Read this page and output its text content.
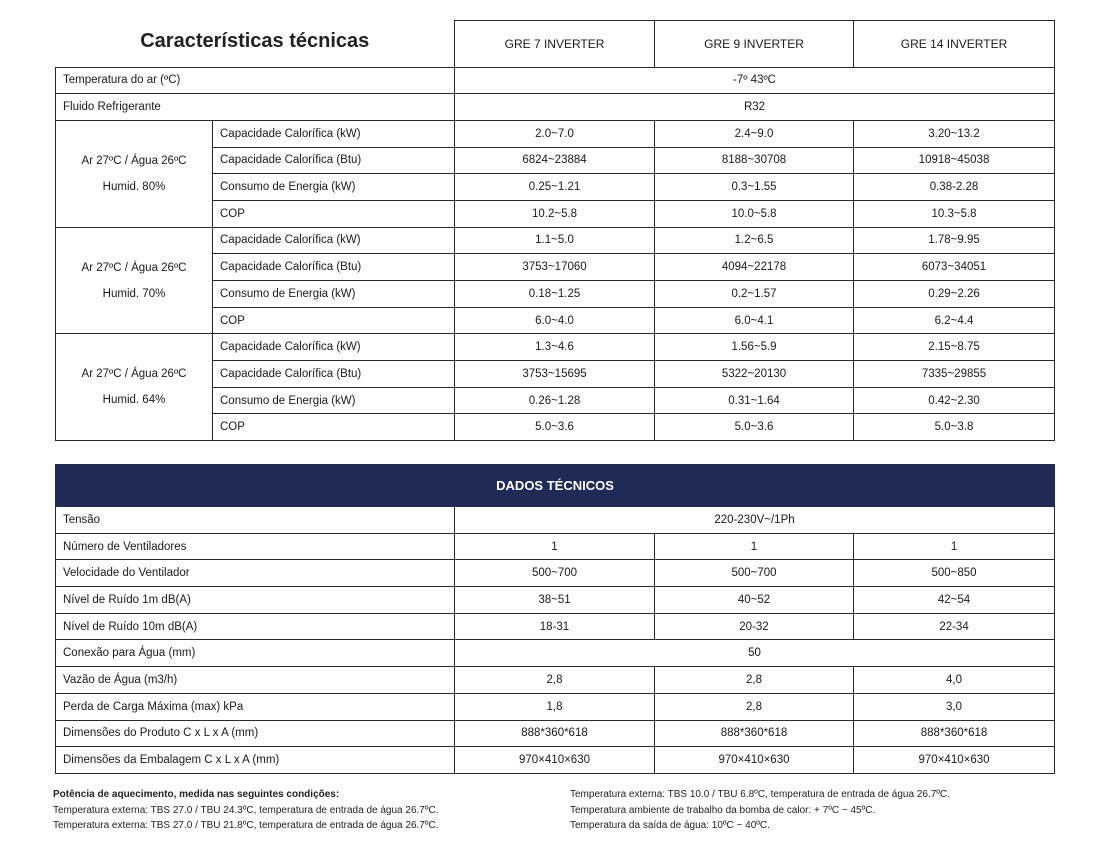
Características técnicas		GRE 7 INVERTER	GRE 9 INVERTER	GRE 14 INVERTER
Temperatura do ar (ºC)		-7º 43ºC		
Fluido Refrigerante		R32		

Ar 27ºC / Água 26ºC
Humid. 80%	Capacidade Calorífica (kW)	2.0~7.0	2.4~9.0	3.20~13.2
	Capacidade Calorífica (Btu)	6824~23884	8188~30708	10918~45038
	Consumo de Energia (kW)	0.25~1.21	0.3~1.55	0.38-2.28
	COP	10.2~5.8	10.0~5.8	10.3~5.8

Ar 27ºC / Água 26ºC
Humid. 70%	Capacidade Calorífica (kW)	1.1~5.0	1.2~6.5	1.78~9.95
	Capacidade Calorífica (Btu)	3753~17060	4094~22178	6073~34051
	Consumo de Energia (kW)	0.18~1.25	0.2~1.57	0.29~2.26
	COP	6.0~4.0	6.0~4.1	6.2~4.4

Ar 27ºC / Água 26ºC
Humid. 64%	Capacidade Calorífica (kW)	1.3~4.6	1.56~5.9	2.15~8.75
	Capacidade Calorífica (Btu)	3753~15695	5322~20130	7335~29855
	Consumo de Energia (kW)	0.26~1.28	0.31~1.64	0.42~2.30
	COP	5.0~3.6	5.0~3.6	5.0~3.8
DADOS TÉCNICOS			
Tensão	220-230V~/1Ph		
Número de Ventiladores	1	1	1
Velocidade do Ventilador	500~700	500~700	500~850
Nível de Ruído 1m dB(A)	38~51	40~52	42~54
Nível de Ruído 10m dB(A)	18-31	20-32	22-34
Conexão para Água (mm)	50		
Vazão de Água (m3/h)	2,8	2,8	4,0
Perda de Carga Máxima (max) kPa	1,8	2,8	3,0
Dimensões do Produto C x L x A (mm)	888*360*618	888*360*618	888*360*618
Dimensões da Embalagem C x L x A (mm)	970×410×630	970×410×630	970×410×630
Potência de aquecimento, medida nas seguintes condições:
Temperatura externa: TBS 27.0 / TBU 24.3ºC, temperatura de entrada de água 26.7ºC.
Temperatura externa: TBS 27.0 / TBU 21.8ºC, temperatura de entrada de água 26.7ºC.
Temperatura externa: TBS 10.0 / TBU 6.8ºC, temperatura de entrada de água 26.7ºC.
Temperatura ambiente de trabalho da bomba de calor: + 7ºC ~ 45ºC.
Temperatura da saída de água: 10ºC ~ 40ºC.
